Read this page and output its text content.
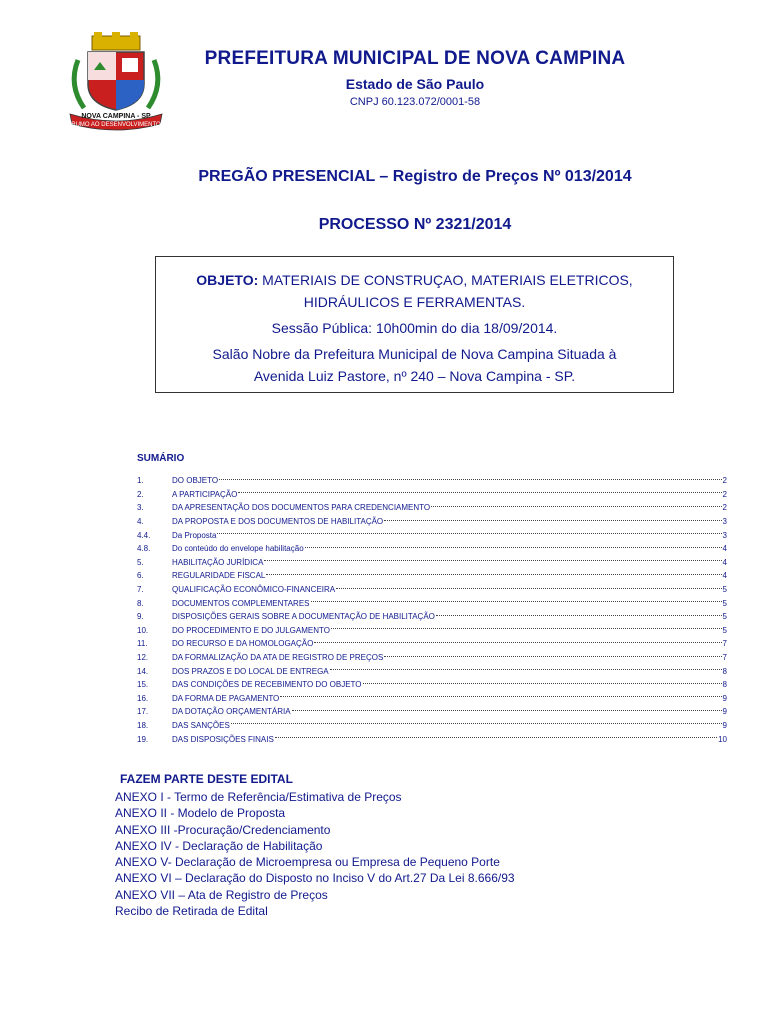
RUMO AO DESENVOLVIMENTO
NOVA CAMPINA - SP
PREFEITURA MUNICIPAL DE NOVA CAMPINA
Estado de São Paulo
CNPJ 60.123.072/0001-58
PREGÃO PRESENCIAL – Registro de Preços Nº 013/2014
PROCESSO Nº 2321/2014
OBJETO: MATERIAIS DE CONSTRUÇAO, MATERIAIS ELETRICOS,
HIDRÁULICOS E FERRAMENTAS.
Sessão Pública: 10h00min do dia 18/09/2014.
Salão Nobre da Prefeitura Municipal de Nova Campina Situada à
Avenida Luiz Pastore, nº 240 – Nova Campina - SP.
SUMÁRIO
1.	DO OBJETO	2
2.	A PARTICIPAÇÃO	2
3.	DA APRESENTAÇÃO DOS DOCUMENTOS PARA CREDENCIAMENTO	2
4.	DA PROPOSTA E DOS DOCUMENTOS DE HABILITAÇÃO	3
4.4.	Da Proposta	3
4.8.	Do conteúdo do envelope habilitação	4
5.	HABILITAÇÃO JURÍDICA	4
6.	REGULARIDADE FISCAL	4
7.	QUALIFICAÇÃO ECONÔMICO-FINANCEIRA	5
8.	DOCUMENTOS COMPLEMENTARES	5
9.	DISPOSIÇÕES GERAIS SOBRE A DOCUMENTAÇÃO DE HABILITAÇÃO	5
10.	DO PROCEDIMENTO E DO JULGAMENTO	5
11.	DO RECURSO E DA HOMOLOGAÇÃO	7
12.	DA FORMALIZAÇÃO DA ATA DE REGISTRO DE PREÇOS	7
14.	DOS PRAZOS E DO LOCAL DE ENTREGA	8
15.	DAS CONDIÇÕES DE RECEBIMENTO DO OBJETO	8
16.	DA FORMA DE PAGAMENTO	9
17.	DA DOTAÇÃO ORÇAMENTÁRIA	9
18.	DAS SANÇÕES	9
19.	DAS DISPOSIÇÕES FINAIS	10
FAZEM PARTE DESTE EDITAL
ANEXO I - Termo de Referência/Estimativa de Preços
ANEXO II - Modelo de Proposta
ANEXO III -Procuração/Credenciamento
ANEXO IV - Declaração de Habilitação
ANEXO V- Declaração de Microempresa ou Empresa de Pequeno Porte
ANEXO VI – Declaração do Disposto no Inciso V do Art.27 Da Lei 8.666/93
ANEXO VII – Ata de Registro de Preços
Recibo de Retirada de Edital
